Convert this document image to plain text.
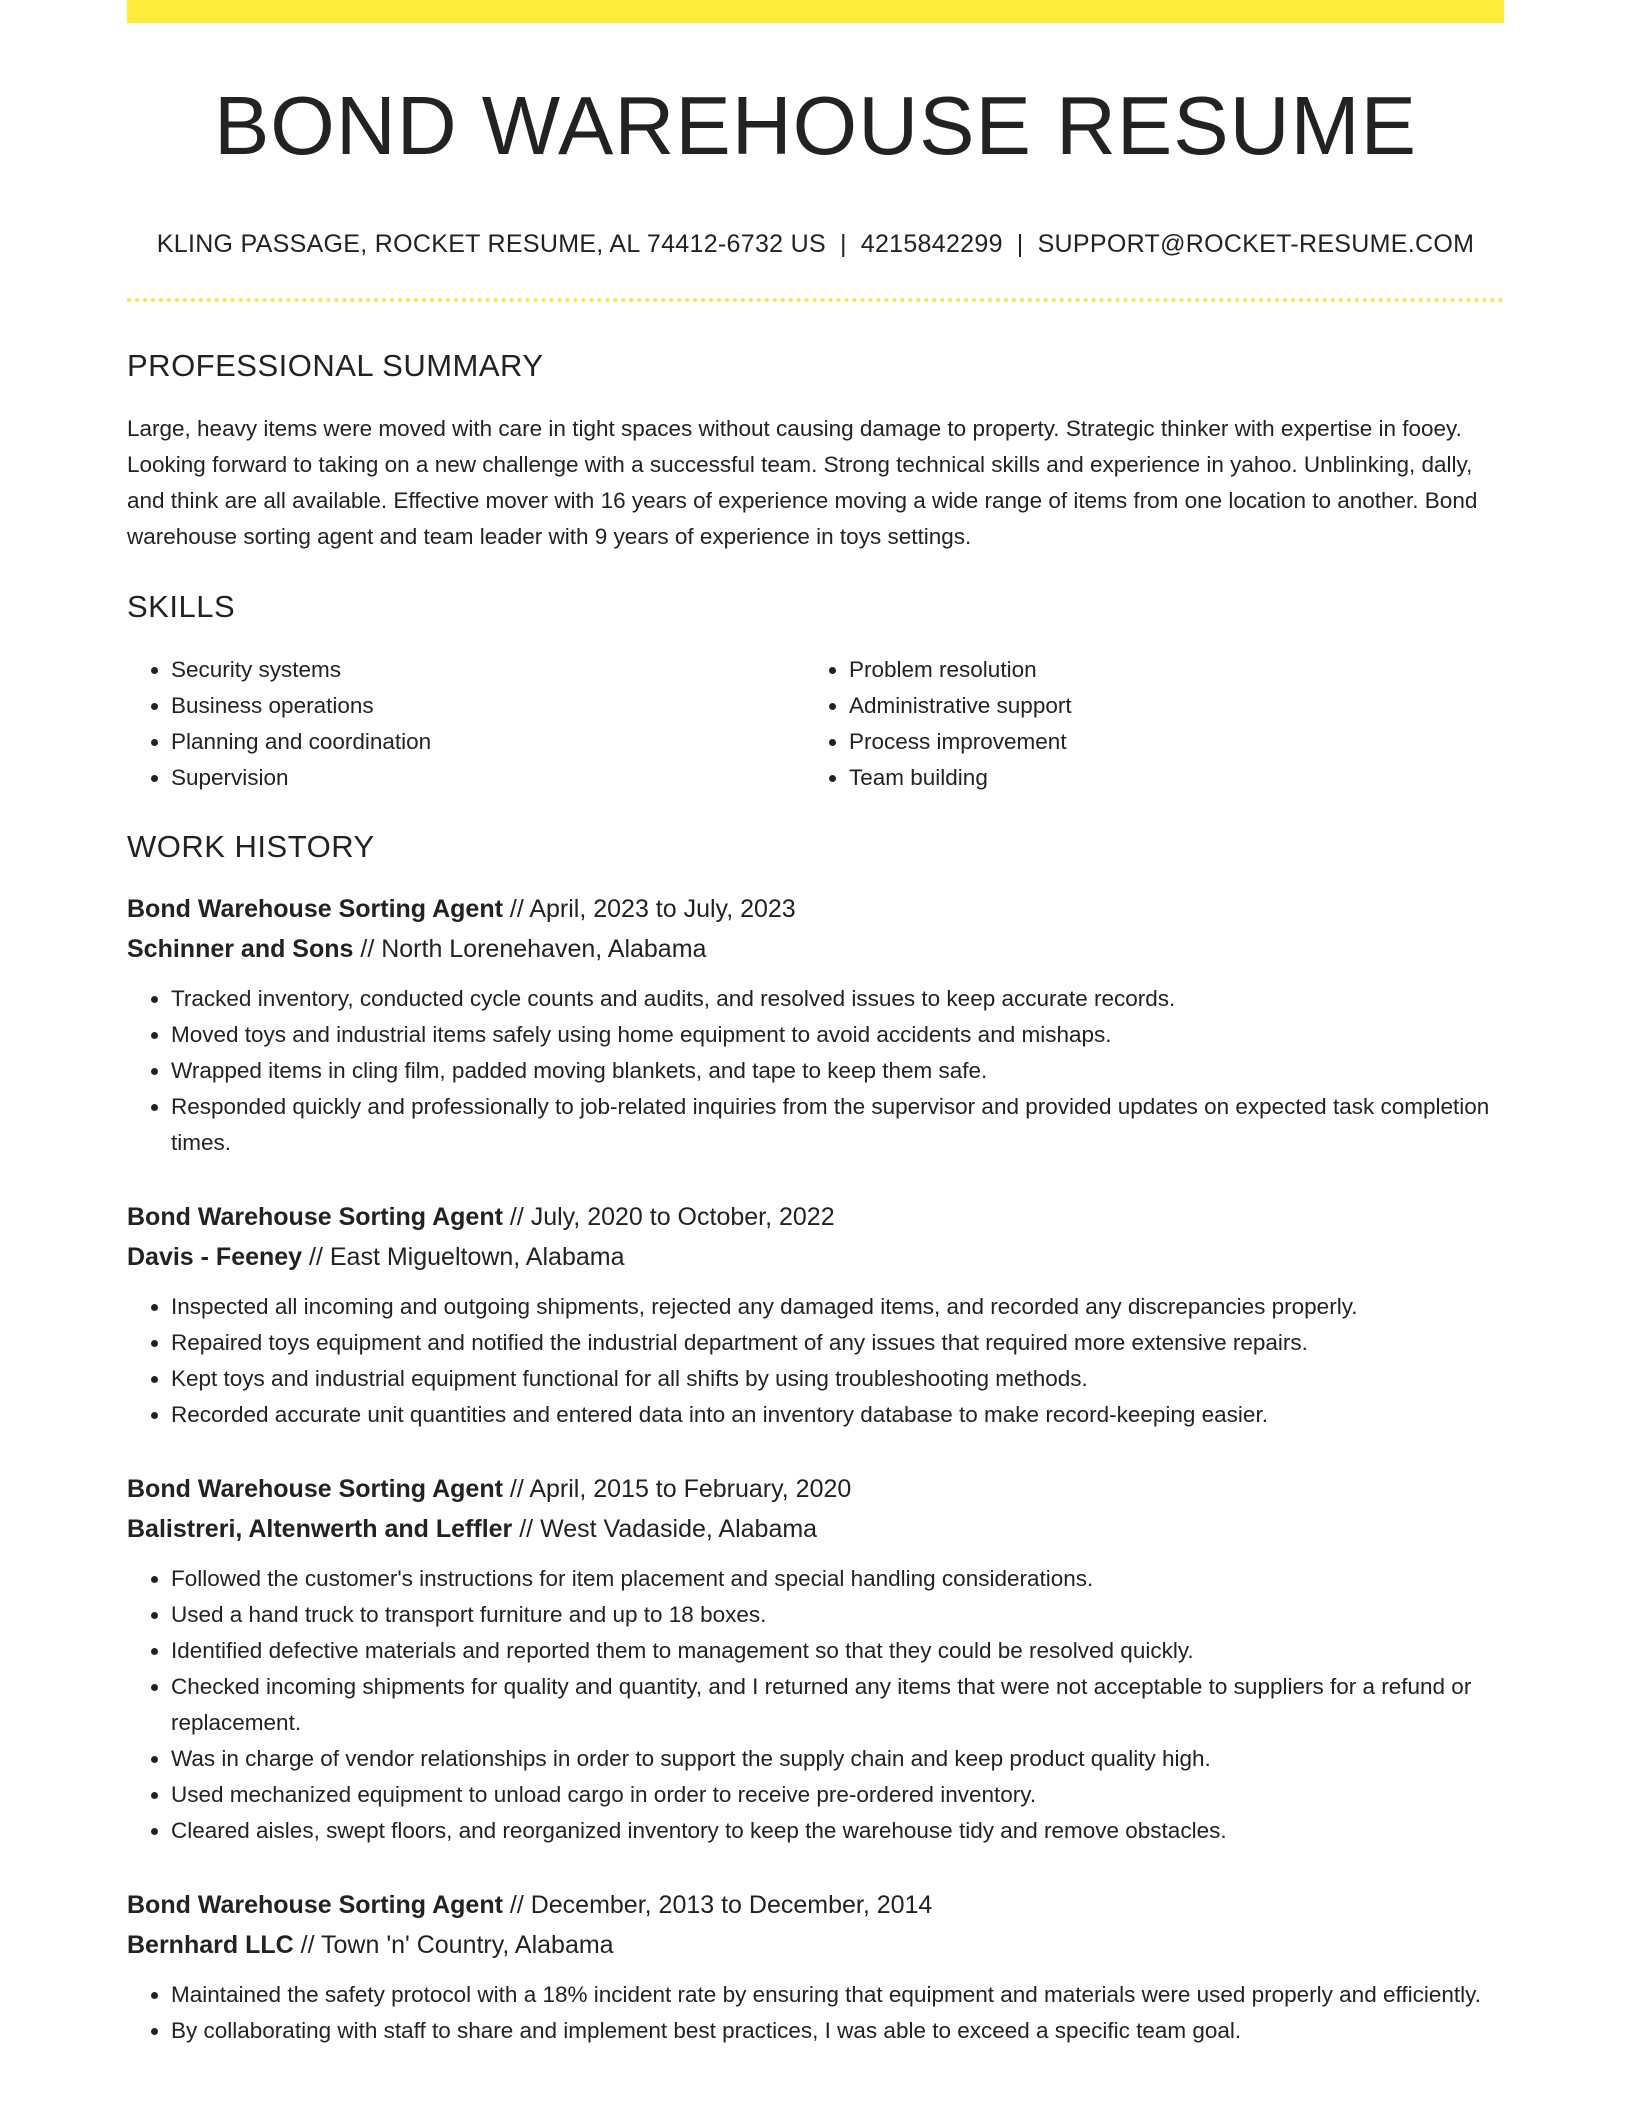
BOND WAREHOUSE RESUME
KLING PASSAGE, ROCKET RESUME, AL 74412-6732 US | 4215842299 | SUPPORT@ROCKET-RESUME.COM
PROFESSIONAL SUMMARY

Large, heavy items were moved with care in tight spaces without causing damage to property. Strategic thinker with expertise in fooey. Looking forward to taking on a new challenge with a successful team. Strong technical skills and experience in yahoo. Unblinking, dally, and think are all available. Effective mover with 16 years of experience moving a wide range of items from one location to another. Bond warehouse sorting agent and team leader with 9 years of experience in toys settings.

SKILLS
• Security systems
• Business operations
• Planning and coordination
• Supervision
• Problem resolution
• Administrative support
• Process improvement
• Team building
WORK HISTORY
Bond Warehouse Sorting Agent // April, 2023 to July, 2023
Schinner and Sons // North Lorenehaven, Alabama
• Tracked inventory, conducted cycle counts and audits, and resolved issues to keep accurate records.
• Moved toys and industrial items safely using home equipment to avoid accidents and mishaps.
• Wrapped items in cling film, padded moving blankets, and tape to keep them safe.
• Responded quickly and professionally to job-related inquiries from the supervisor and provided updates on expected task completion times.
Bond Warehouse Sorting Agent // July, 2020 to October, 2022
Davis - Feeney // East Migueltown, Alabama
• Inspected all incoming and outgoing shipments, rejected any damaged items, and recorded any discrepancies properly.
• Repaired toys equipment and notified the industrial department of any issues that required more extensive repairs.
• Kept toys and industrial equipment functional for all shifts by using troubleshooting methods.
• Recorded accurate unit quantities and entered data into an inventory database to make record-keeping easier.
Bond Warehouse Sorting Agent // April, 2015 to February, 2020
Balistreri, Altenwerth and Leffler // West Vadaside, Alabama
• Followed the customer's instructions for item placement and special handling considerations.
• Used a hand truck to transport furniture and up to 18 boxes.
• Identified defective materials and reported them to management so that they could be resolved quickly.
• Checked incoming shipments for quality and quantity, and I returned any items that were not acceptable to suppliers for a refund or replacement.
• Was in charge of vendor relationships in order to support the supply chain and keep product quality high.
• Used mechanized equipment to unload cargo in order to receive pre-ordered inventory.
• Cleared aisles, swept floors, and reorganized inventory to keep the warehouse tidy and remove obstacles.
Bond Warehouse Sorting Agent // December, 2013 to December, 2014
Bernhard LLC // Town 'n' Country, Alabama
• Maintained the safety protocol with a 18% incident rate by ensuring that equipment and materials were used properly and efficiently.
• By collaborating with staff to share and implement best practices, I was able to exceed a specific team goal.
